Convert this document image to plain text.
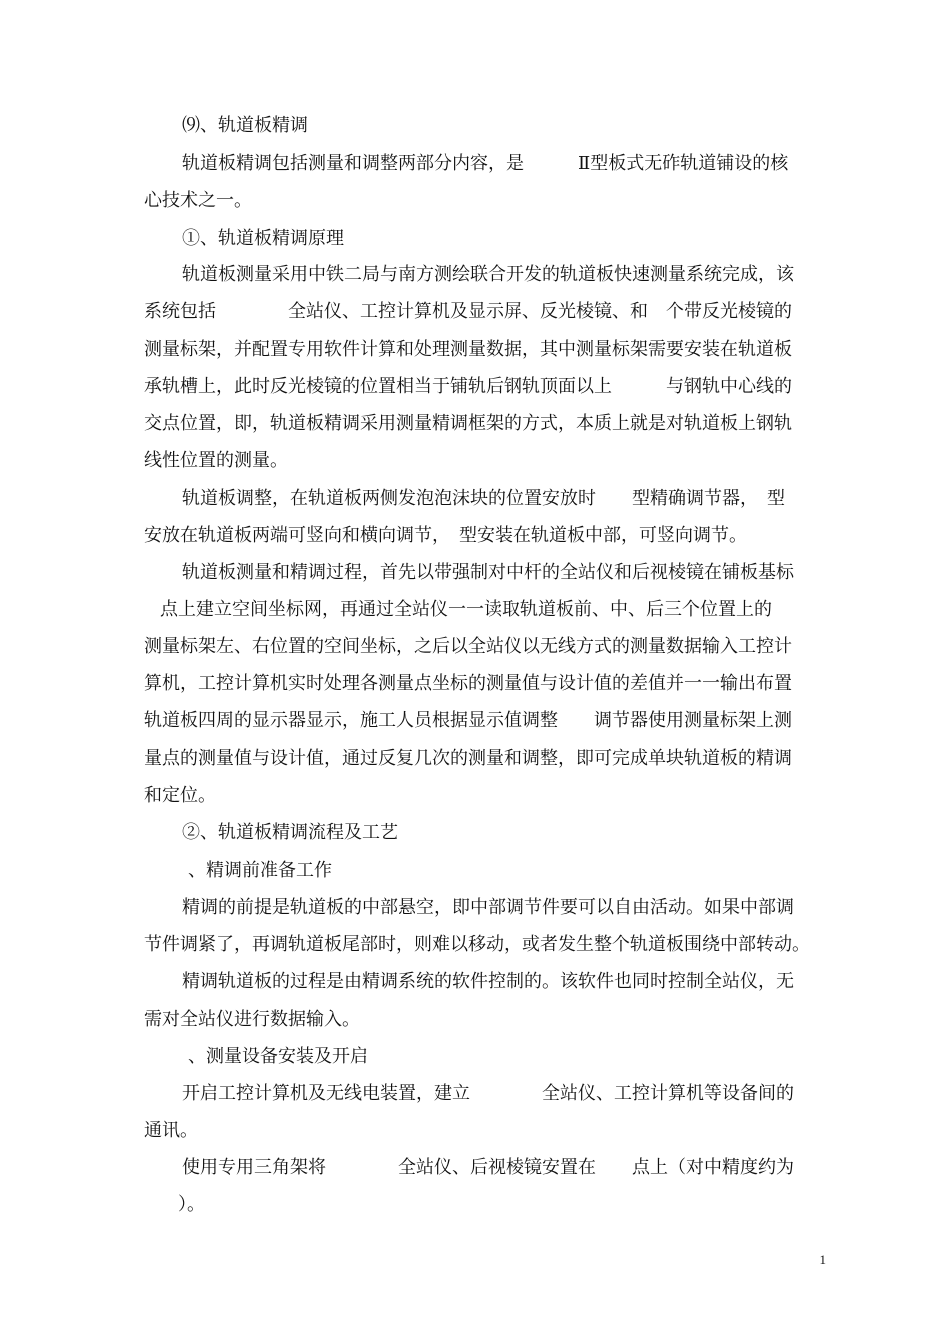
⑼、轨道板精调
轨道板精调包括测量和调整两部分内容，是　　　Ⅱ型板式无砟轨道铺设的核
心技术之一。
①、轨道板精调原理
轨道板测量采用中铁二局与南方测绘联合开发的轨道板快速测量系统完成，该
系统包括　　　　全站仪、工控计算机及显示屏、反光棱镜、和　个带反光棱镜的
测量标架，并配置专用软件计算和处理测量数据，其中测量标架需要安装在轨道板
承轨槽上，此时反光棱镜的位置相当于铺轨后钢轨顶面以上　　　与钢轨中心线的
交点位置，即，轨道板精调采用测量精调框架的方式，本质上就是对轨道板上钢轨
线性位置的测量。
轨道板调整，在轨道板两侧发泡泡沫块的位置安放时　　型精确调节器，　型
安放在轨道板两端可竖向和横向调节，　型安装在轨道板中部，可竖向调节。
轨道板测量和精调过程，首先以带强制对中杆的全站仪和后视棱镜在铺板基标
点上建立空间坐标网，再通过全站仪一一读取轨道板前、中、后三个位置上的
测量标架左、右位置的空间坐标，之后以全站仪以无线方式的测量数据输入工控计
算机，工控计算机实时处理各测量点坐标的测量值与设计值的差值并一一输出布置
轨道板四周的显示器显示，施工人员根据显示值调整　　调节器使用测量标架上测
量点的测量值与设计值，通过反复几次的测量和调整，即可完成单块轨道板的精调
和定位。
②、轨道板精调流程及工艺
、精调前准备工作
精调的前提是轨道板的中部悬空，即中部调节件要可以自由活动。如果中部调
节件调紧了，再调轨道板尾部时，则难以移动，或者发生整个轨道板围绕中部转动。
精调轨道板的过程是由精调系统的软件控制的。该软件也同时控制全站仪，无
需对全站仪进行数据输入。
、测量设备安装及开启
开启工控计算机及无线电装置，建立　　　　全站仪、工控计算机等设备间的
通讯。
使用专用三角架将　　　　全站仪、后视棱镜安置在　　点上（对中精度约为
）。
1
